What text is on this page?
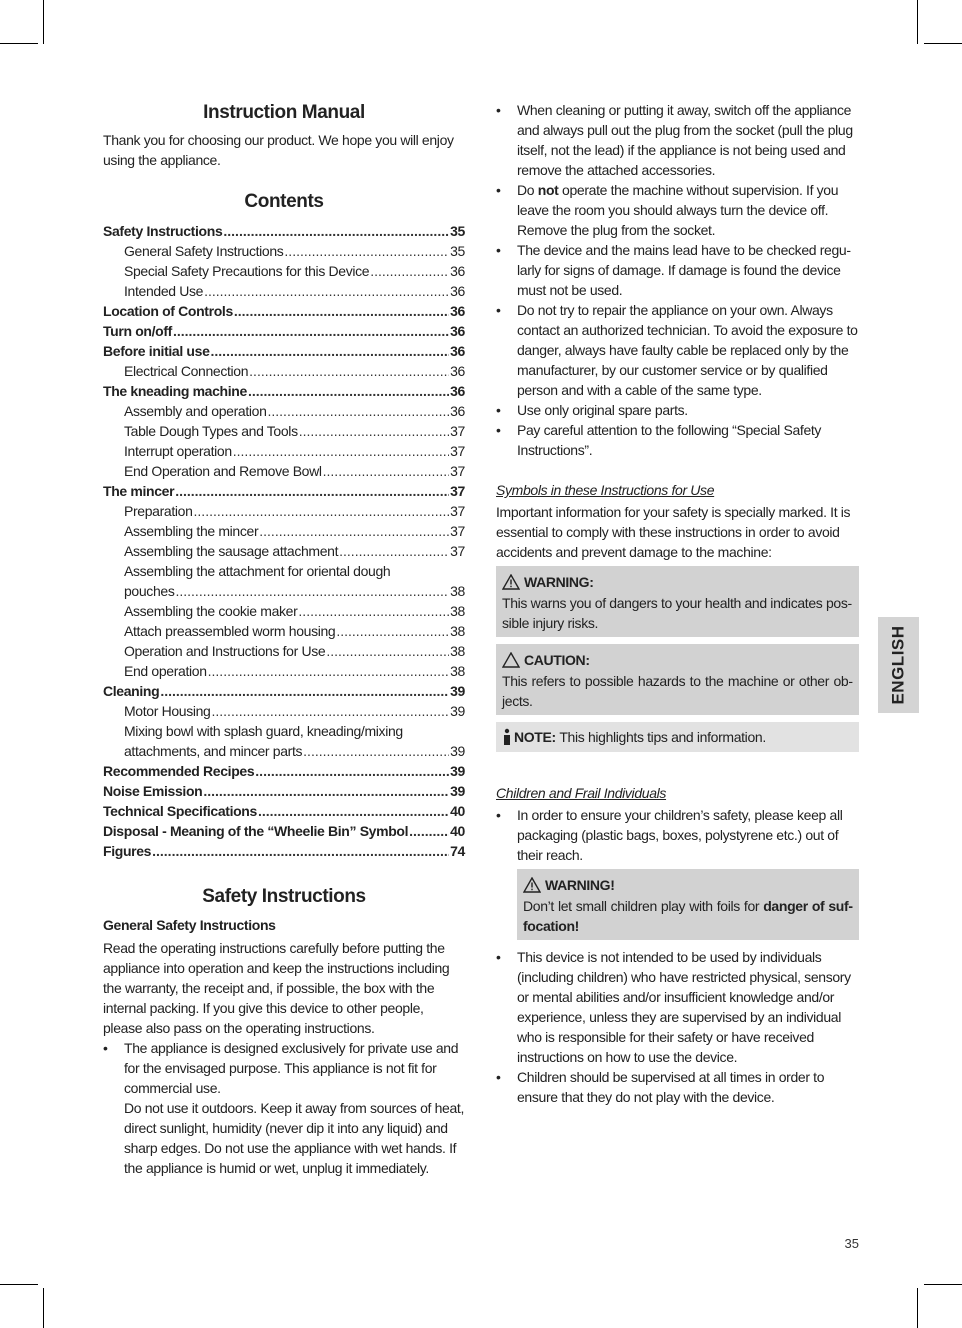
Instruction Manual

Thank you for choosing our product. We hope you will enjoy using the appliance.

Contents
Safety Instructions .....	35
General Safety Instructions .....	35
Special Safety Precautions for this Device .....	36
Intended Use .....	36
Location of Controls .....	36
Turn on/off .....	36
Before initial use .....	36
Electrical Connection .....	36
The kneading machine .....	36
Assembly and operation .....	36
Table Dough Types and Tools .....	37
Interrupt operation .....	37
End Operation and Remove Bowl .....	37
The mincer .....	37
Preparation .....	37
Assembling the mincer .....	37
Assembling the sausage attachment .....	37
Assembling the attachment for oriental dough
pouches .....	38
Assembling the cookie maker .....	38
Attach preassembled worm housing .....	38
Operation and Instructions for Use .....	38
End operation .....	38
Cleaning .....	39
Motor Housing .....	39
Mixing bowl with splash guard, kneading/mixing
attachments, and mincer parts .....	39
Recommended Recipes .....	39
Noise Emission .....	39
Technical Specifications .....	40
Disposal - Meaning of the “Wheelie Bin” Symbol .....	40
Figures .....	74
Safety Instructions
General Safety Instructions

Read the operating instructions carefully before putting the appliance into operation and keep the instructions including the warranty, the receipt and, if possible, the box with the internal packing. If you give this device to other people, please also pass on the operating instructions.

• The appliance is designed exclusively for private use and for the envisaged purpose. This appliance is not fit for commercial use.
Do not use it outdoors. Keep it away from sources of heat, direct sunlight, humidity (never dip it into any liquid) and sharp edges. Do not use the appliance with wet hands. If the appliance is humid or wet, unplug it immediately.
• When cleaning or putting it away, switch off the appliance and always pull out the plug from the socket (pull the plug itself, not the lead) if the appliance is not being used and remove the attached accessories.
• Do not operate the machine without supervision. If you leave the room you should always turn the device off. Remove the plug from the socket.
• The device and the mains lead have to be checked regularly for signs of damage. If damage is found the device must not be used.
• Do not try to repair the appliance on your own. Always contact an authorized technician. To avoid the exposure to danger, always have faulty cable be replaced only by the manufacturer, by our customer service or by qualified person and with a cable of the same type.
• Use only original spare parts.
• Pay careful attention to the following “Special Safety Instructions”.
Symbols in these Instructions for Use

Important information for your safety is specially marked. It is essential to comply with these instructions in order to avoid accidents and prevent damage to the machine:

WARNING:
This warns you of dangers to your health and indicates possible injury risks.
CAUTION:
This refers to possible hazards to the machine or other objects.
NOTE:
This highlights tips and information.
Children and Frail Individuals
• In order to ensure your children’s safety, please keep all packaging (plastic bags, boxes, polystyrene etc.) out of their reach.
WARNING!
Don’t let small children play with foils for danger of suffocation!
• This device is not intended to be used by individuals (including children) who have restricted physical, sensory or mental abilities and/or insufficient knowledge and/or experience, unless they are supervised by an individual who is responsible for their safety or have received instructions on how to use the device.
• Children should be supervised at all times in order to ensure that they do not play with the device.
ENGLISH
35
